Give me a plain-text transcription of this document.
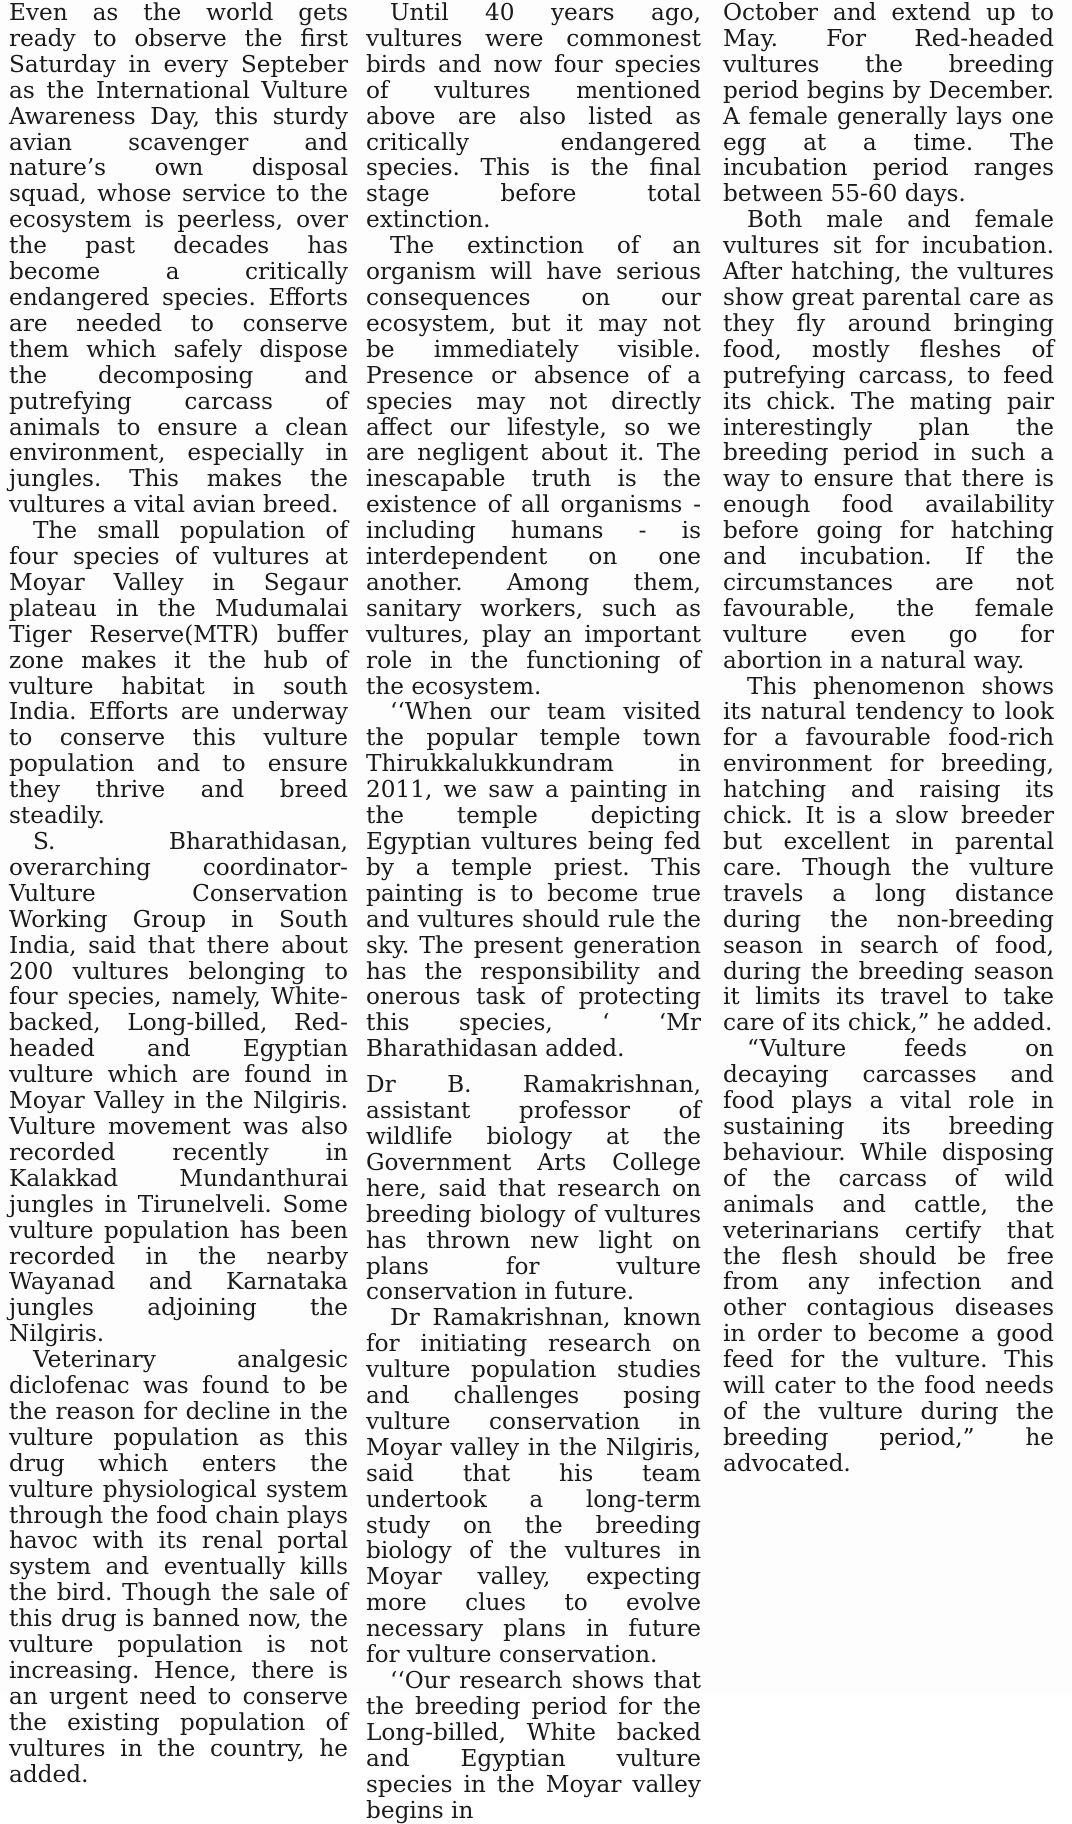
Even as the world gets ready to observe the first Saturday in every Septeber as the International Vulture Awareness Day, this sturdy avian scavenger and nature’s own disposal squad, whose service to the ecosystem is peerless, over the past decades has become a critically endangered species. Efforts are needed to conserve them which safely dispose the decomposing and putrefying carcass of animals to ensure a clean environment, especially in jungles. This makes the vultures a vital avian breed.

The small population of four species of vultures at Moyar Valley in Segaur plateau in the Mudumalai Tiger Reserve(MTR) buffer zone makes it the hub of vulture habitat in south India. Efforts are underway to conserve this vulture population and to ensure they thrive and breed steadily.

S. Bharathidasan, overarching coordinator- Vulture Conservation Working Group in South India, said that there about 200 vultures belonging to four species, namely, White-backed, Long-billed, Red-headed and Egyptian vulture which are found in Moyar Valley in the Nilgiris. Vulture movement was also recorded recently in Kalakkad Mundanthurai jungles in Tirunelveli. Some vulture population has been recorded in the nearby Wayanad and Karnataka jungles adjoining the Nilgiris.

Veterinary analgesic diclofenac was found to be the reason for decline in the vulture population as this drug which enters the vulture physiological system through the food chain plays havoc with its renal portal system and eventually kills the bird. Though the sale of this drug is banned now, the vulture population is not increasing. Hence, there is an urgent need to conserve the existing population of vultures in the country, he added.

Until 40 years ago, vultures were commonest birds and now four species of vultures mentioned above are also listed as critically endangered species. This is the final stage before total extinction.

The extinction of an organism will have serious consequences on our ecosystem, but it may not be immediately visible. Presence or absence of a species may not directly affect our lifestyle, so we are negligent about it. The inescapable truth is the existence of all organisms - including humans - is interdependent on one another. Among them, sanitary workers, such as vultures, play an important role in the functioning of the ecosystem.

‘‘When our team visited the popular temple town Thirukkalukkundram in 2011, we saw a painting in the temple depicting Egyptian vultures being fed by a temple priest. This painting is to become true and vultures should rule the sky. The present generation has the responsibility and onerous task of protecting this species, ‘ ‘Mr Bharathidasan added.

Dr B. Ramakrishnan, assistant professor of wildlife biology at the Government Arts College here, said that research on breeding biology of vultures has thrown new light on plans for vulture conservation in future.

Dr Ramakrishnan, known for initiating research on vulture population studies and challenges posing vulture conservation in Moyar valley in the Nilgiris, said that his team undertook a long-term study on the breeding biology of the vultures in Moyar valley, expecting more clues to evolve necessary plans in future for vulture conservation.

‘‘Our research shows that the breeding period for the Long-billed, White backed and Egyptian vulture species in the Moyar valley begins in

October and extend up to May. For Red-headed vultures the breeding period begins by December. A female generally lays one egg at a time. The incubation period ranges between 55-60 days.

Both male and female vultures sit for incubation. After hatching, the vultures show great parental care as they fly around bringing food, mostly fleshes of putrefying carcass, to feed its chick. The mating pair interestingly plan the breeding period in such a way to ensure that there is enough food availability before going for hatching and incubation. If the circumstances are not favourable, the female vulture even go for abortion in a natural way.

This phenomenon shows its natural tendency to look for a favourable food-rich environment for breeding, hatching and raising its chick. It is a slow breeder but excellent in parental care. Though the vulture travels a long distance during the non-breeding season in search of food, during the breeding season it limits its travel to take care of its chick,” he added.

“Vulture feeds on decaying carcasses and food plays a vital role in sustaining its breeding behaviour. While disposing of the carcass of wild animals and cattle, the veterinarians certify that the flesh should be free from any infection and other contagious diseases in order to become a good feed for the vulture. This will cater to the food needs of the vulture during the breeding period,” he advocated.
